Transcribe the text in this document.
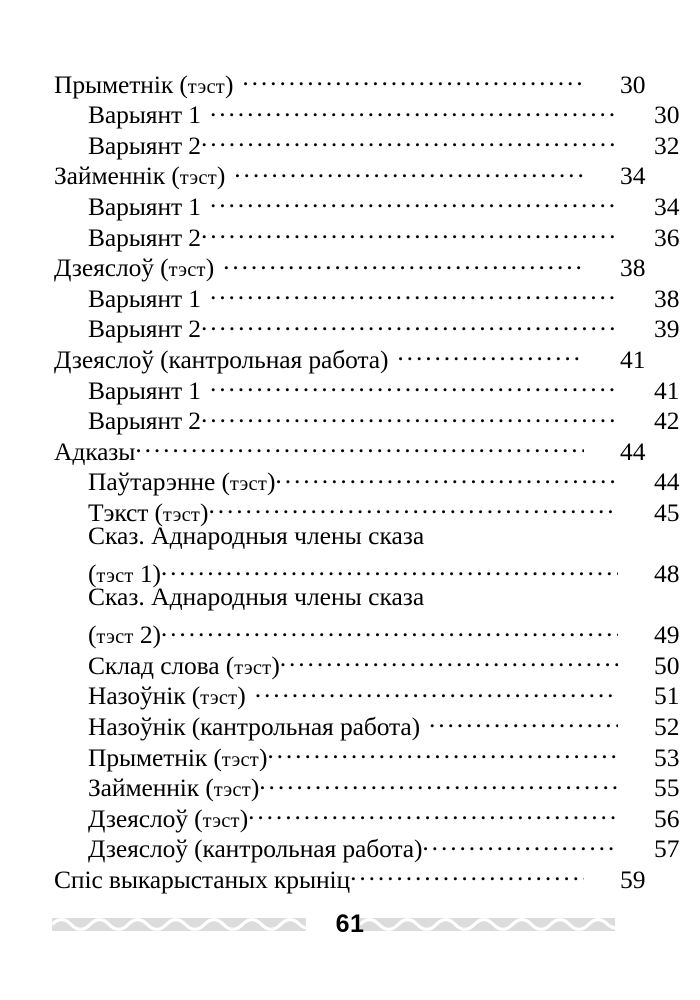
Прыметнік (тэст) .....	30
Варыянт 1 .....	30
Варыянт 2 .....	32
Займеннік (тэст) .....	34
Варыянт 1 .....	34
Варыянт 2 .....	36
Дзеяслоў (тэст) .....	38
Варыянт 1 .....	38
Варыянт 2 .....	39
Дзеяслоў (кантрольная работа) .....	41
Варыянт 1 .....	41
Варыянт 2 .....	42
Адказы .....	44
Паўтарэнне (тэст) .....	44
Тэкст (тэст) .....	45
Сказ. Аднародныя члены сказа
(тэст 1) .....	48
Сказ. Аднародныя члены сказа
(тэст 2) .....	49
Склад слова (тэст) .....	50
Назоўнік (тэст) .....	51
Назоўнік (кантрольная работа) .....	52
Прыметнік (тэст) .....	53
Займеннік (тэст) .....	55
Дзеяслоў (тэст) .....	56
Дзеяслоў (кантрольная работа) .....	57
Спіс выкарыстаных крыніц .....	59
61
